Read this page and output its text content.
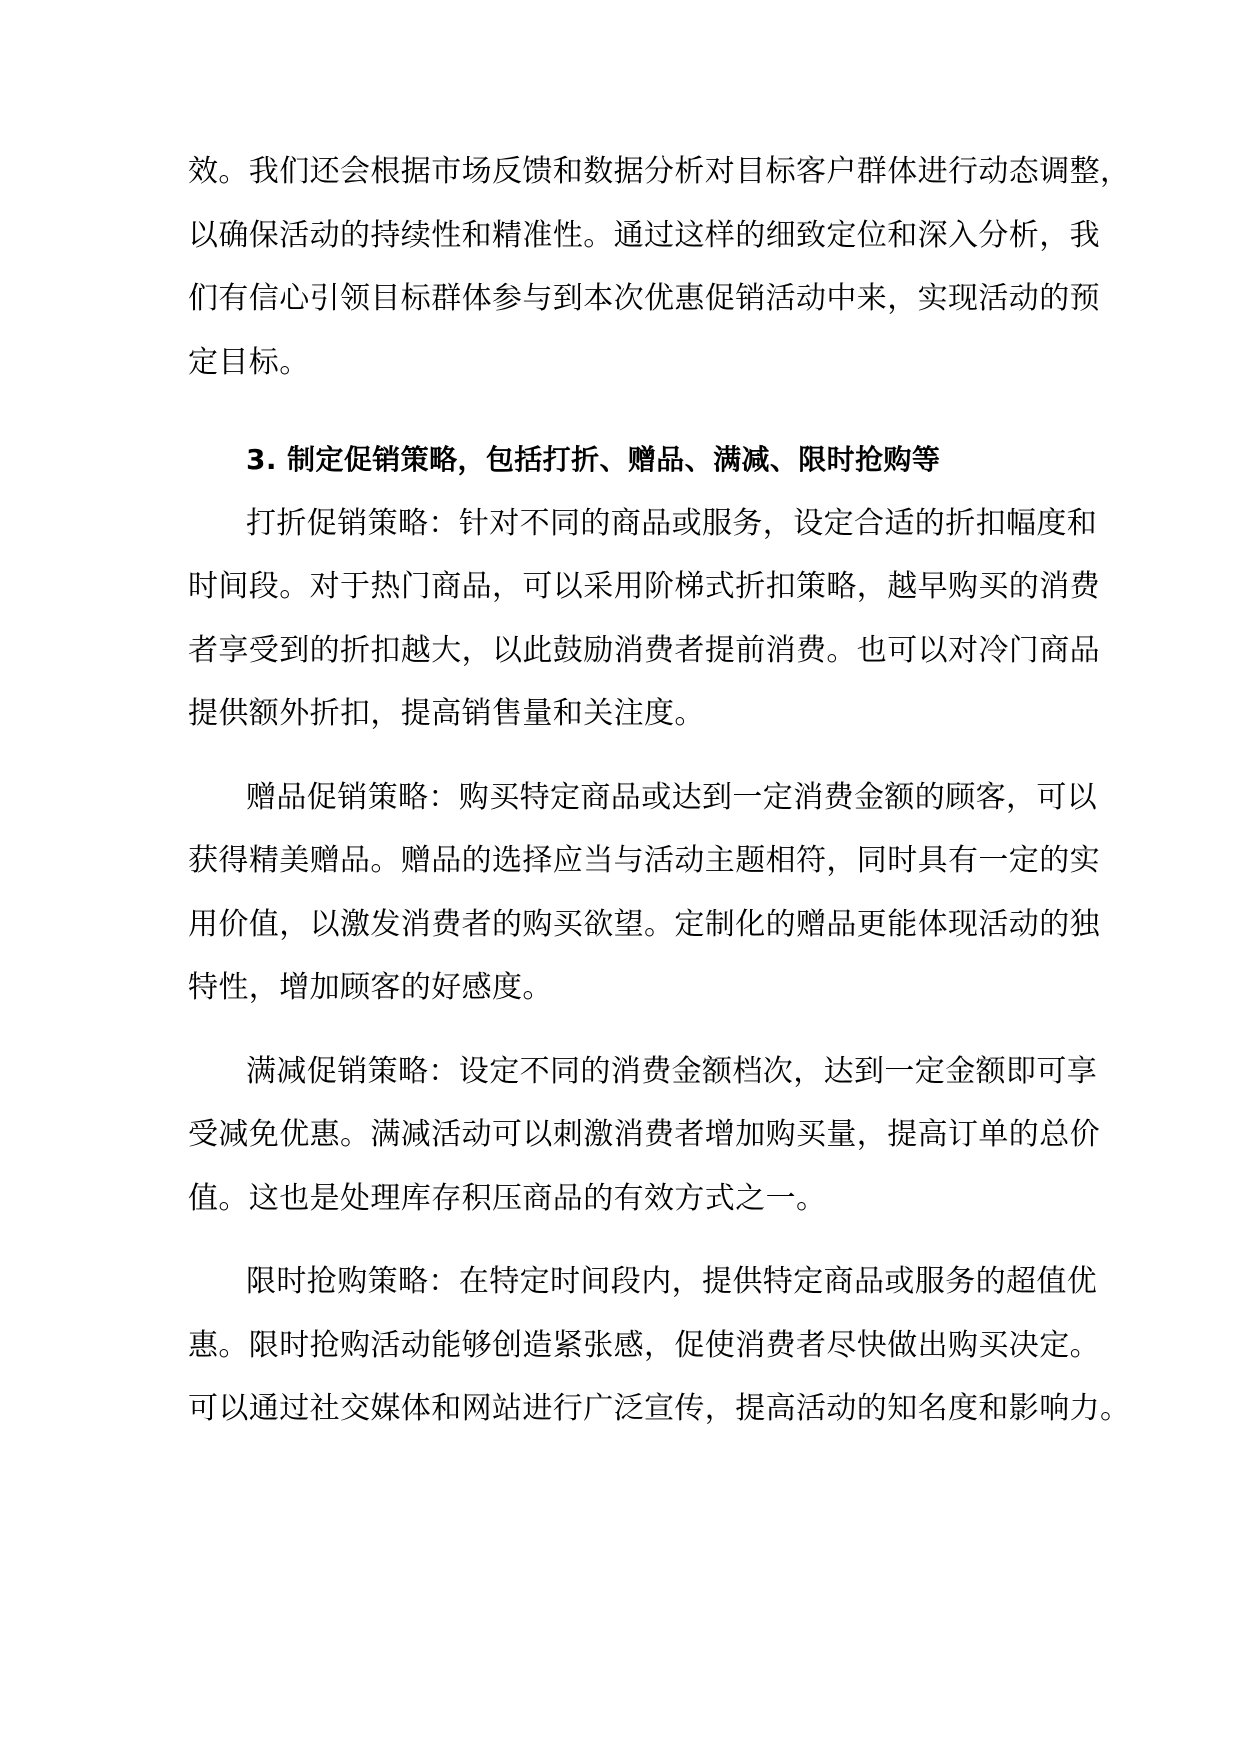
效。我们还会根据市场反馈和数据分析对目标客户群体进行动态调整，
以确保活动的持续性和精准性。通过这样的细致定位和深入分析，我
们有信心引领目标群体参与到本次优惠促销活动中来，实现活动的预
定目标。
3. 制定促销策略，包括打折、赠品、满减、限时抢购等
打折促销策略：针对不同的商品或服务，设定合适的折扣幅度和
时间段。对于热门商品，可以采用阶梯式折扣策略，越早购买的消费
者享受到的折扣越大，以此鼓励消费者提前消费。也可以对冷门商品
提供额外折扣，提高销售量和关注度。
赠品促销策略：购买特定商品或达到一定消费金额的顾客，可以
获得精美赠品。赠品的选择应当与活动主题相符，同时具有一定的实
用价值，以激发消费者的购买欲望。定制化的赠品更能体现活动的独
特性，增加顾客的好感度。
满减促销策略：设定不同的消费金额档次，达到一定金额即可享
受减免优惠。满减活动可以刺激消费者增加购买量，提高订单的总价
值。这也是处理库存积压商品的有效方式之一。
限时抢购策略：在特定时间段内，提供特定商品或服务的超值优
惠。限时抢购活动能够创造紧张感，促使消费者尽快做出购买决定。
可以通过社交媒体和网站进行广泛宣传，提高活动的知名度和影响力。
